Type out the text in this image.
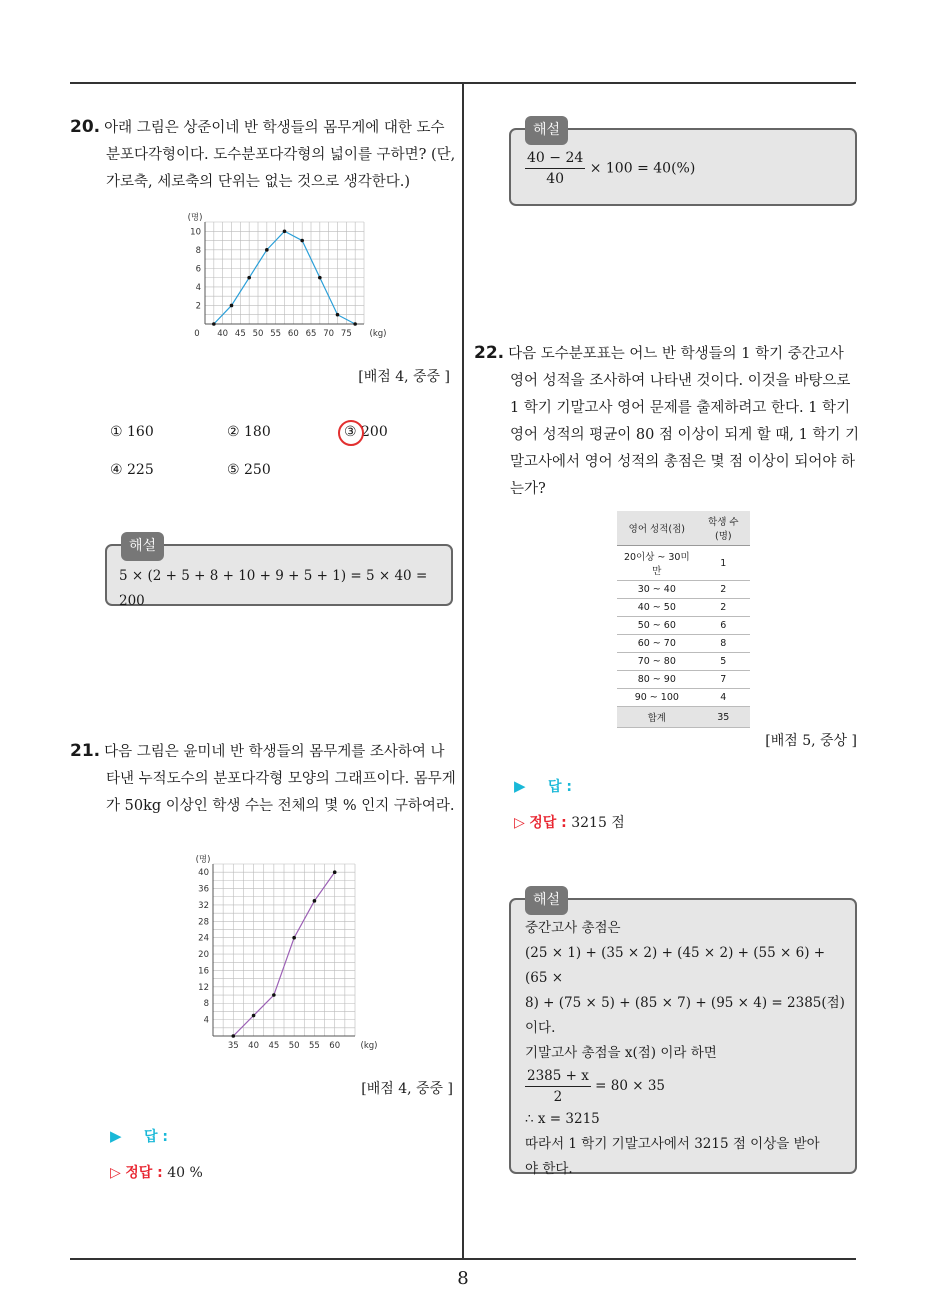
8
20. 아래 그림은 상준이네 반 학생들의 몸무게에 대한 도수분포다각형이다. 도수분포다각형의 넓이를 구하면? (단, 가로축, 세로축의 단위는 없는 것으로 생각한다.)
2
4
6
8
10
0 40 45 50 55 60 65 70 75
(명)
(kg)
[배점 4, 중중 ]
① 160	② 180	③ 200
④ 225	⑤ 250
해설
5 × (2 + 5 + 8 + 10 + 9 + 5 + 1) = 5 × 40 = 200
21. 다음 그림은 윤미네 반 학생들의 몸무게를 조사하여 나타낸 누적도수의 분포다각형 모양의 그래프이다. 몸무게가 50kg 이상인 학생 수는 전체의 몇 % 인지 구하여라.
4
8
12
16
20
24
28
32
36
40
35 40 45 50 55 60
(명)
(kg)
[배점 4, 중중 ]
▶ 답 :
▷ 정답 : 40 %
해설
$\frac{40 - 24}{40} \times 100 = 40(\%)$
22. 다음 도수분포표는 어느 반 학생들의 1 학기 중간고사 영어 성적을 조사하여 나타낸 것이다. 이것을 바탕으로 1 학기 기말고사 영어 문제를 출제하려고 한다. 1 학기 영어 성적의 평균이 80 점 이상이 되게 할 때, 1 학기 기말고사에서 영어 성적의 총점은 몇 점 이상이 되어야 하는가?
영어 성적(점)	학생 수(명)
20이상 ~ 30미만	1
30 ~ 40	2
40 ~ 50	2
50 ~ 60	6
60 ~ 70	8
70 ~ 80	5
80 ~ 90	7
90 ~ 100	4
합계	35
[배점 5, 중상 ]
▶ 답 :
▷ 정답 : 3215 점
해설
중간고사 총점은
(25 × 1) + (35 × 2) + (45 × 2) + (55 × 6) + (65 ×
8) + (75 × 5) + (85 × 7) + (95 × 4) = 2385(점)
이다.
기말고사 총점을 x(점) 이라 하면
$\frac{2385 + x}{2} = 80 \times 35$
∴ x = 3215
따라서 1 학기 기말고사에서 3215 점 이상을 받아
야 한다.
